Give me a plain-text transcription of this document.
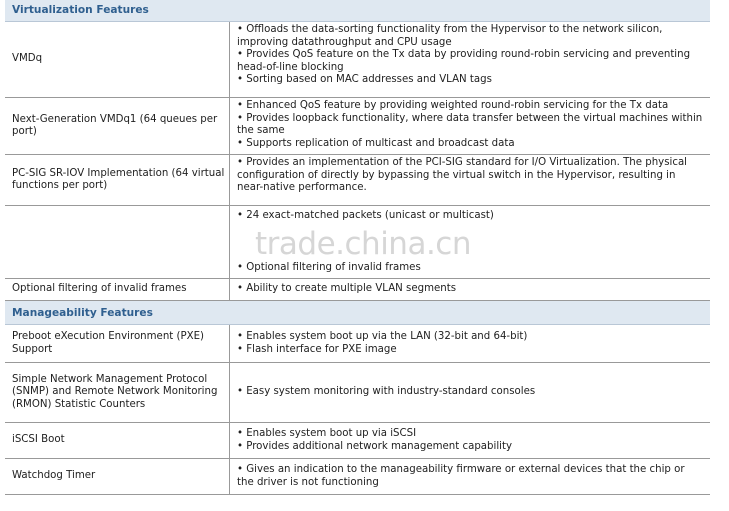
Virtualization Features
VMDq
• Offloads the data-sorting functionality from the Hypervisor to the network silicon, improving datathroughput and CPU usage
• Provides QoS feature on the Tx data by providing round-robin servicing and preventing head-of-line blocking
• Sorting based on MAC addresses and VLAN tags
Next-Generation VMDq1 (64 queues per port)
• Enhanced QoS feature by providing weighted round-robin servicing for the Tx data
• Provides loopback functionality, where data transfer between the virtual machines within the same
• Supports replication of multicast and broadcast data
PC-SIG SR-IOV Implementation (64 virtual functions per port)
• Provides an implementation of the PCI-SIG standard for I/O Virtualization. The physical configuration of directly by bypassing the virtual switch in the Hypervisor, resulting in near-native performance.
• 24 exact-matched packets (unicast or multicast)
• Optional filtering of invalid frames
Optional filtering of invalid frames	• Ability to create multiple VLAN segments
Manageability Features
Preboot eXecution Environment (PXE) Support
• Enables system boot up via the LAN (32-bit and 64-bit)
• Flash interface for PXE image
Simple Network Management Protocol (SNMP) and Remote Network Monitoring (RMON) Statistic Counters
• Easy system monitoring with industry-standard consoles
iSCSI Boot
• Enables system boot up via iSCSI
• Provides additional network management capability
Watchdog Timer
• Gives an indication to the manageability firmware or external devices that the chip or the driver is not functioning
trade.china.cn
